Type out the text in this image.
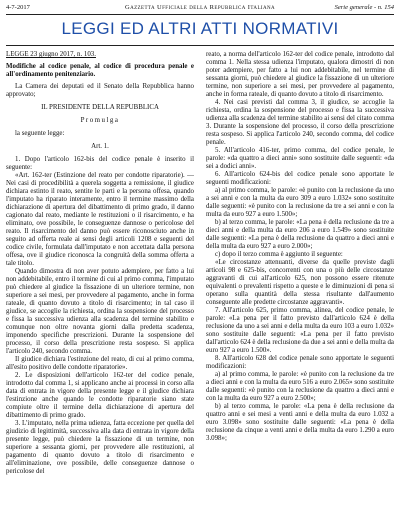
4-7-2017	Gazzetta Ufficiale della Repubblica Italiana	Serie generale - n. 154
LEGGI ED ALTRI ATTI NORMATIVI

LEGGE 23 giugno 2017, n. 103.

Modifiche al codice penale, al codice di procedura penale e all'ordinamento penitenziario.

La Camera dei deputati ed il Senato della Repubblica hanno approvato;

IL PRESIDENTE DELLA REPUBBLICA

Promulga

la seguente legge:

Art. 1.

1. Dopo l'articolo 162-bis del codice penale è inserito il seguente:

«Art. 162-ter (Estinzione del reato per condotte riparatorie). — Nei casi di procedibilità a querela soggetta a remissione, il giudice dichiara estinto il reato, sentite le parti e la persona offesa, quando l'imputato ha riparato interamente, entro il termine massimo della dichiarazione di apertura del dibattimento di primo grado, il danno cagionato dal reato, mediante le restituzioni o il risarcimento, e ha eliminato, ove possibile, le conseguenze dannose o pericolose del reato. Il risarcimento del danno può essere riconosciuto anche in seguito ad offerta reale ai sensi degli articoli 1208 e seguenti del codice civile, formulata dall'imputato e non accettata dalla persona offesa, ove il giudice riconosca la congruità della somma offerta a tale titolo.

Quando dimostra di non aver potuto adempiere, per fatto a lui non addebitabile, entro il termine di cui al primo comma, l'imputato può chiedere al giudice la fissazione di un ulteriore termine, non superiore a sei mesi, per provvedere al pagamento, anche in forma rateale, di quanto dovuto a titolo di risarcimento; in tal caso il giudice, se accoglie la richiesta, ordina la sospensione del processo e fissa la successiva udienza alla scadenza del termine stabilito e comunque non oltre novanta giorni dalla predetta scadenza, imponendo specifiche prescrizioni. Durante la sospensione del processo, il corso della prescrizione resta sospeso. Si applica l'articolo 240, secondo comma.

Il giudice dichiara l'estinzione del reato, di cui al primo comma, all'esito positivo delle condotte riparatorie».

2. Le disposizioni dell'articolo 162-ter del codice penale, introdotto dal comma 1, si applicano anche ai processi in corso alla data di entrata in vigore della presente legge e il giudice dichiara l'estinzione anche quando le condotte riparatorie siano state compiute oltre il termine della dichiarazione di apertura del dibattimento di primo grado.

3. L'imputato, nella prima udienza, fatta eccezione per quella del giudizio di legittimità, successiva alla data di entrata in vigore della presente legge, può chiedere la fissazione di un termine, non superiore a sessanta giorni, per provvedere alle restituzioni, al pagamento di quanto dovuto a titolo di risarcimento e all'eliminazione, ove possibile, delle conseguenze dannose o pericolose del

reato, a norma dell'articolo 162-ter del codice penale, introdotto dal comma 1. Nella stessa udienza l'imputato, qualora dimostri di non poter adempiere, per fatto a lui non addebitabile, nel termine di sessanta giorni, può chiedere al giudice la fissazione di un ulteriore termine, non superiore a sei mesi, per provvedere al pagamento, anche in forma rateale, di quanto dovuto a titolo di risarcimento.

4. Nei casi previsti dal comma 3, il giudice, se accoglie la richiesta, ordina la sospensione del processo e fissa la successiva udienza alla scadenza del termine stabilito ai sensi del citato comma 3. Durante la sospensione del processo, il corso della prescrizione resta sospeso. Si applica l'articolo 240, secondo comma, del codice penale.

5. All'articolo 416-ter, primo comma, del codice penale, le parole: «da quattro a dieci anni» sono sostituite dalle seguenti: «da sei a dodici anni».

6. All'articolo 624-bis del codice penale sono apportate le seguenti modificazioni:

a) al primo comma, le parole: «è punito con la reclusione da uno a sei anni e con la multa da euro 309 a euro 1.032» sono sostituite dalle seguenti: «è punito con la reclusione da tre a sei anni e con la multa da euro 927 a euro 1.500»;

b) al terzo comma, le parole: «La pena è della reclusione da tre a dieci anni e della multa da euro 206 a euro 1.549» sono sostituite dalle seguenti: «La pena è della reclusione da quattro a dieci anni e della multa da euro 927 a euro 2.000»;

c) dopo il terzo comma è aggiunto il seguente:

«Le circostanze attenuanti, diverse da quelle previste dagli articoli 98 e 625-bis, concorrenti con una o più delle circostanze aggravanti di cui all'articolo 625, non possono essere ritenute equivalenti o prevalenti rispetto a queste e le diminuzioni di pena si operano sulla quantità della stessa risultante dall'aumento conseguente alle predette circostanze aggravanti».

7. All'articolo 625, primo comma, alinea, del codice penale, le parole: «La pena per il fatto previsto dall'articolo 624 è della reclusione da uno a sei anni e della multa da euro 103 a euro 1.032» sono sostituite dalle seguenti: «La pena per il fatto previsto dall'articolo 624 è della reclusione da due a sei anni e della multa da euro 927 a euro 1.500».

8. All'articolo 628 del codice penale sono apportate le seguenti modificazioni:

a) al primo comma, le parole: «è punito con la reclusione da tre a dieci anni e con la multa da euro 516 a euro 2.065» sono sostituite dalle seguenti: «è punito con la reclusione da quattro a dieci anni e con la multa da euro 927 a euro 2.500»;

b) al terzo comma, le parole: «La pena è della reclusione da quattro anni e sei mesi a venti anni e della multa da euro 1.032 a euro 3.098» sono sostituite dalle seguenti: «La pena è della reclusione da cinque a venti anni e della multa da euro 1.290 a euro 3.098»;
